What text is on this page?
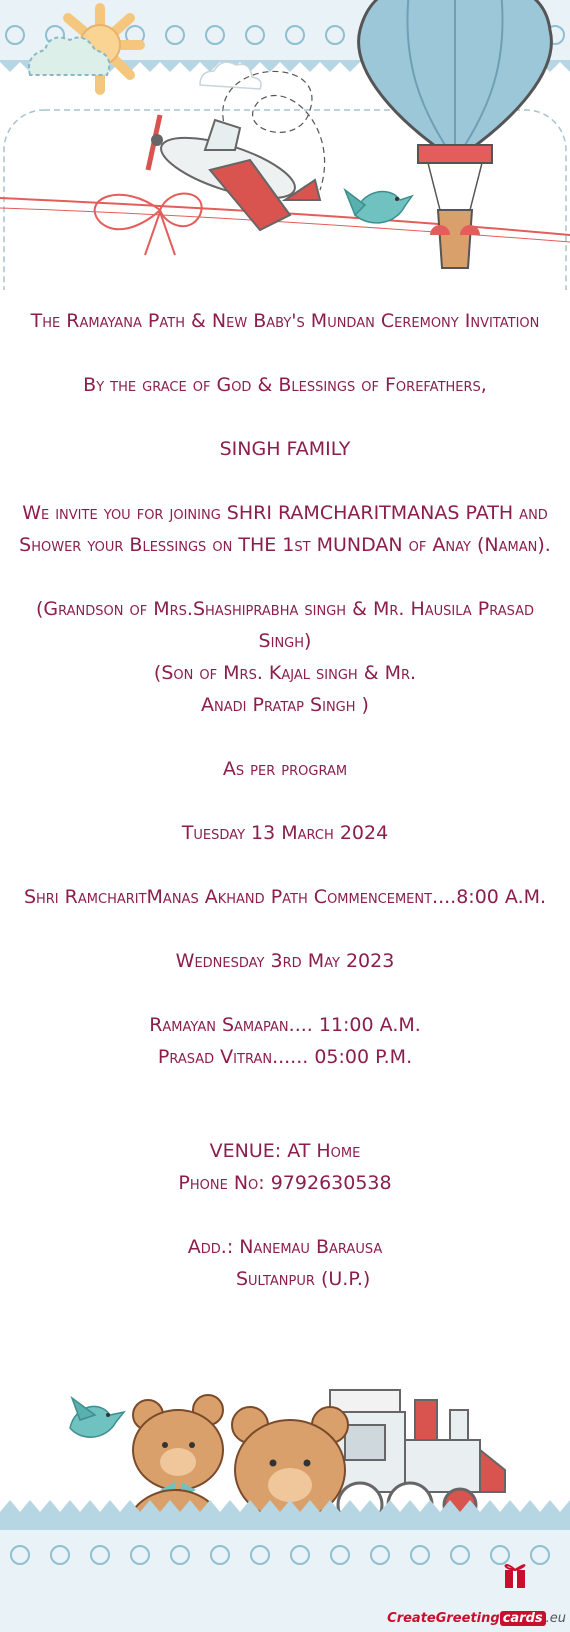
The Ramayana Path & New Baby's Mundan Ceremony Invitation

By the grace of God & Blessings of Forefathers,

SINGH FAMILY

We invite you for joining SHRI RAMCHARITMANAS PATH and Shower your Blessings on THE 1st MUNDAN of Anay (Naman).

(Grandson of Mrs.Shashiprabha singh & Mr. Hausila Prasad Singh)

(Son of Mrs. Kajal singh & Mr.

Anadi Pratap Singh )

As per program

Tuesday 13 March 2024

Shri RamcharitManas Akhand Path Commencement....8:00 A.M.

Wednesday 3rd May 2023

Ramayan Samapan.... 11:00 A.M.

Prasad Vitran...... 05:00 P.M.

VENUE: AT Home

Phone No: 9792630538

Add.: Nanemau Barausa

Sultanpur (U.P.)

CreateGreeting cards .eu
